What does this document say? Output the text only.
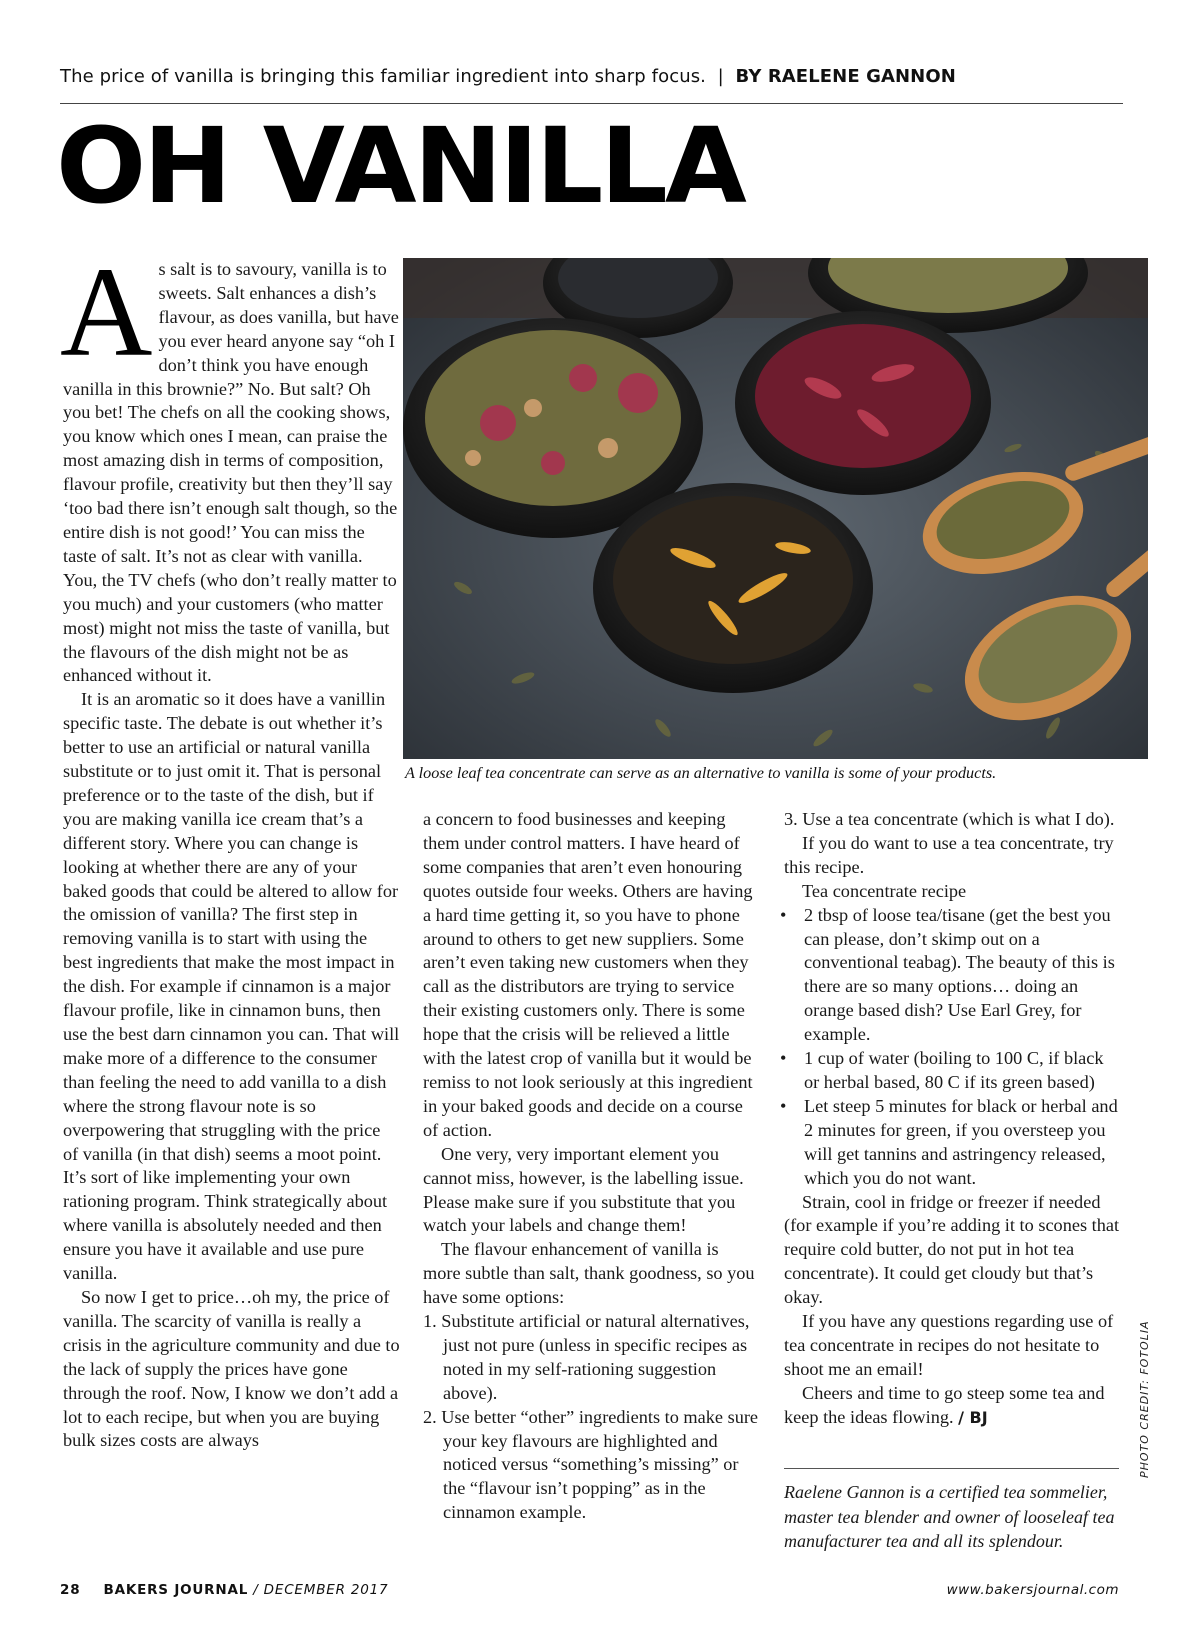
The price of vanilla is bringing this familiar ingredient into sharp focus. | BY RAELENE GANNON
OH VANILLA
A s salt is to savoury, vanilla is to sweets. Salt enhances a dish’s flavour, as does vanilla, but have you ever heard anyone say “oh I don’t think you have enough vanilla in this brownie?” No. But salt? Oh you bet! The chefs on all the cooking shows, you know which ones I mean, can praise the most amazing dish in terms of composition, flavour profile, creativity but then they’ll say ‘too bad there isn’t enough salt though, so the entire dish is not good!’ You can miss the taste of salt. It’s not as clear with vanilla. You, the TV chefs (who don’t really matter to you much) and your customers (who matter most) might not miss the taste of vanilla, but the flavours of the dish might not be as enhanced without it.

It is an aromatic so it does have a vanillin specific taste. The debate is out whether it’s better to use an artificial or natural vanilla substitute or to just omit it. That is personal preference or to the taste of the dish, but if you are making vanilla ice cream that’s a different story. Where you can change is looking at whether there are any of your baked goods that could be altered to allow for the omission of vanilla? The first step in removing vanilla is to start with using the best ingredients that make the most impact in the dish. For example if cinnamon is a major flavour profile, like in cinnamon buns, then use the best darn cinnamon you can. That will make more of a difference to the consumer than feeling the need to add vanilla to a dish where the strong flavour note is so overpowering that struggling with the price of vanilla (in that dish) seems a moot point. It’s sort of like implementing your own rationing program. Think strategically about where vanilla is absolutely needed and then ensure you have it available and use pure vanilla.

So now I get to price…oh my, the price of vanilla. The scarcity of vanilla is really a crisis in the agriculture community and due to the lack of supply the prices have gone through the roof. Now, I know we don’t add a lot to each recipe, but when you are buying bulk sizes costs are always

A loose leaf tea concentrate can serve as an alternative to vanilla is some of your products.

a concern to food businesses and keeping them under control matters. I have heard of some companies that aren’t even honouring quotes outside four weeks. Others are having a hard time getting it, so you have to phone around to others to get new suppliers. Some aren’t even taking new customers when they call as the distributors are trying to service their existing customers only. There is some hope that the crisis will be relieved a little with the latest crop of vanilla but it would be remiss to not look seriously at this ingredient in your baked goods and decide on a course of action.

One very, very important element you cannot miss, however, is the labelling issue. Please make sure if you substitute that you watch your labels and change them!

The flavour enhancement of vanilla is more subtle than salt, thank goodness, so you have some options:

1. Substitute artificial or natural alternatives, just not pure (unless in specific recipes as noted in my self-rationing suggestion above).
2. Use better “other” ingredients to make sure your key flavours are highlighted and noticed versus “something’s missing” or the “flavour isn’t popping” as in the cinnamon example.
3. Use a tea concentrate (which is what I do).

If you do want to use a tea concentrate, try this recipe.

Tea concentrate recipe

• 2 tbsp of loose tea/tisane (get the best you can please, don’t skimp out on a conventional teabag). The beauty of this is there are so many options… doing an orange based dish? Use Earl Grey, for example.
• 1 cup of water (boiling to 100 C, if black or herbal based, 80 C if its green based)
• Let steep 5 minutes for black or herbal and 2 minutes for green, if you oversteep you will get tannins and astringency released, which you do not want.

Strain, cool in fridge or freezer if needed (for example if you’re adding it to scones that require cold butter, do not put in hot tea concentrate). It could get cloudy but that’s okay.

If you have any questions regarding use of tea concentrate in recipes do not hesitate to shoot me an email!

Cheers and time to go steep some tea and keep the ideas flowing. / BJ

Raelene Gannon is a certified tea sommelier, master tea blender and owner of looseleaf tea manufacturer tea and all its splendour.
PHOTO CREDIT: FOTOLIA
28 BAKERS JOURNAL / DECEMBER 2017	www.bakersjournal.com
